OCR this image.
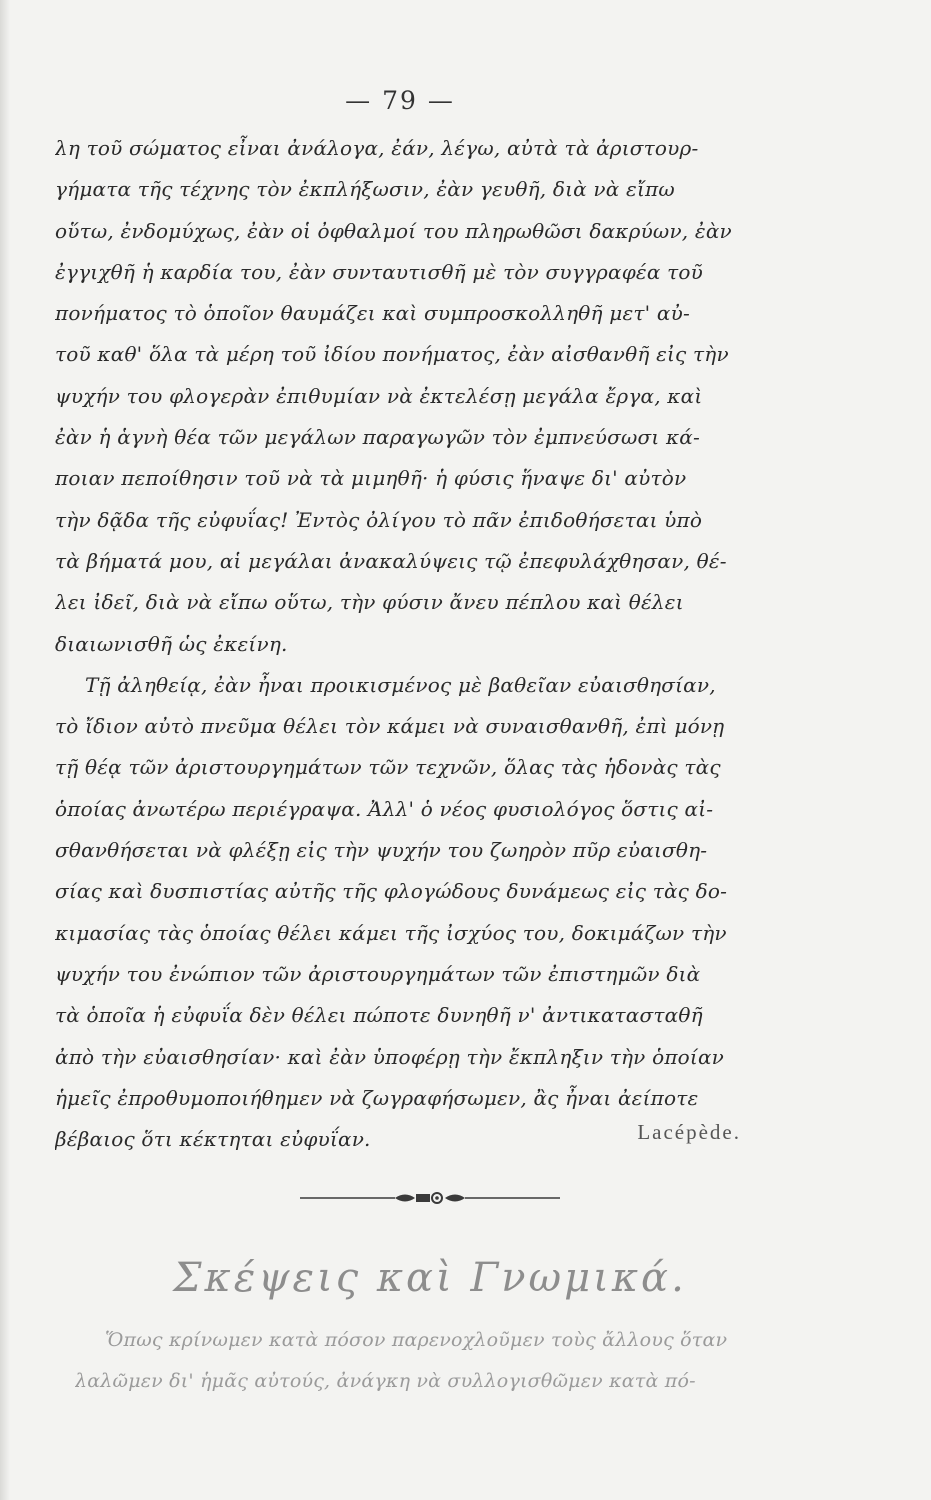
— 79 —
λη τοῦ σώματος εἶναι ἀνάλογα, ἐάν, λέγω, αὐτὰ τὰ ἀριστουρ-
γήματα τῆς τέχνης τὸν ἐκπλήξωσιν, ἐὰν γευθῆ, διὰ νὰ εἴπω
οὕτω, ἐνδομύχως, ἐὰν οἱ ὀφθαλμοί του πληρωθῶσι δακρύων, ἐὰν
ἐγγιχθῆ ἡ καρδία του, ἐὰν συνταυτισθῆ μὲ τὸν συγγραφέα τοῦ
πονήματος τὸ ὁποῖον θαυμάζει καὶ συμπροσκολληθῆ μετ' αὐ-
τοῦ καθ' ὅλα τὰ μέρη τοῦ ἰδίου πονήματος, ἐὰν αἰσθανθῆ εἰς τὴν
ψυχήν του φλογερὰν ἐπιθυμίαν νὰ ἐκτελέσῃ μεγάλα ἔργα, καὶ
ἐὰν ἡ ἁγνὴ θέα τῶν μεγάλων παραγωγῶν τὸν ἐμπνεύσωσι κά-
ποιαν πεποίθησιν τοῦ νὰ τὰ μιμηθῆ· ἡ φύσις ἥναψε δι' αὐτὸν
τὴν δᾷδα τῆς εὐφυΐας! Ἐντὸς ὀλίγου τὸ πᾶν ἐπιδοθήσεται ὑπὸ
τὰ βήματά μου, αἱ μεγάλαι ἀνακαλύψεις τῷ ἐπεφυλάχθησαν, θέ-
λει ἰδεῖ, διὰ νὰ εἴπω οὕτω, τὴν φύσιν ἄνευ πέπλου καὶ θέλει
διαιωνισθῆ ὡς ἐκείνη.
Τῇ ἀληθείᾳ, ἐὰν ἦναι προικισμένος μὲ βαθεῖαν εὐαισθησίαν,
τὸ ἴδιον αὐτὸ πνεῦμα θέλει τὸν κάμει νὰ συναισθανθῆ, ἐπὶ μόνῃ
τῇ θέᾳ τῶν ἀριστουργημάτων τῶν τεχνῶν, ὅλας τὰς ἡδονὰς τὰς
ὁποίας ἀνωτέρω περιέγραψα. Ἀλλ' ὁ νέος φυσιολόγος ὅστις αἰ-
σθανθήσεται νὰ φλέξῃ εἰς τὴν ψυχήν του ζωηρὸν πῦρ εὐαισθη-
σίας καὶ δυσπιστίας αὐτῆς τῆς φλογώδους δυνάμεως εἰς τὰς δο-
κιμασίας τὰς ὁποίας θέλει κάμει τῆς ἰσχύος του, δοκιμάζων τὴν
ψυχήν του ἐνώπιον τῶν ἀριστουργημάτων τῶν ἐπιστημῶν διὰ
τὰ ὁποῖα ἡ εὐφυΐα δὲν θέλει πώποτε δυνηθῆ ν' ἀντικατασταθῆ
ἀπὸ τὴν εὐαισθησίαν· καὶ ἐὰν ὑποφέρῃ τὴν ἔκπληξιν τὴν ὁποίαν
ἡμεῖς ἐπροθυμοποιήθημεν νὰ ζωγραφήσωμεν, ἂς ἦναι ἀείποτε
βέβαιος ὅτι κέκτηται εὐφυΐαν.	Lacépède.
Σκέψεις καὶ Γνωμικά.
Ὅπως κρίνωμεν κατὰ πόσον παρενοχλοῦμεν τοὺς ἄλλους ὅταν
λαλῶμεν δι' ἡμᾶς αὐτούς, ἀνάγκη νὰ συλλογισθῶμεν κατὰ πό-
